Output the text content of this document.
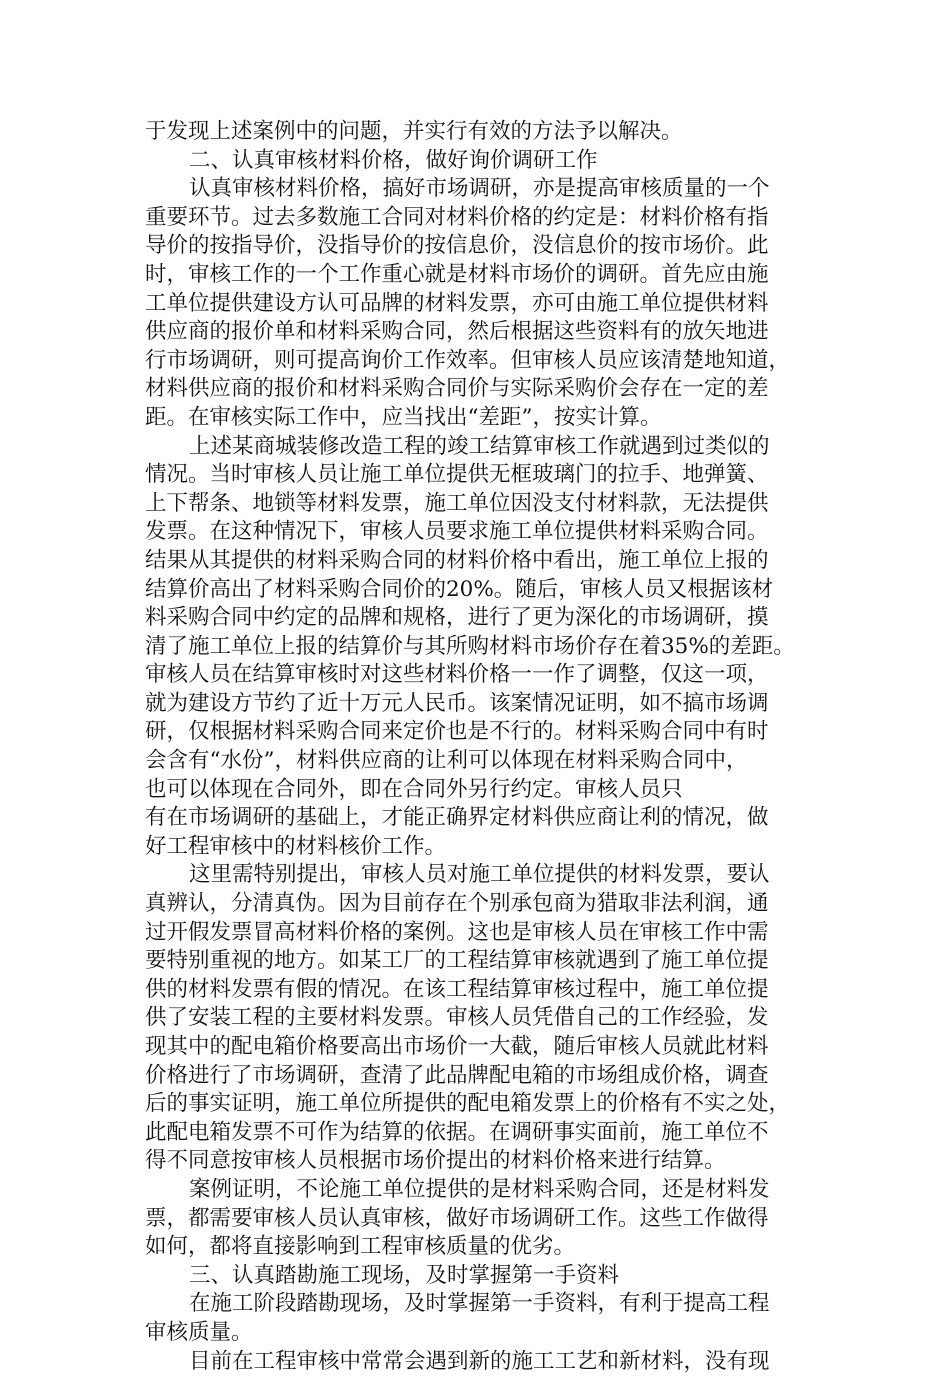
于发现上述案例中的问题，并实行有效的方法予以解决。
二、认真审核材料价格，做好询价调研工作
认真审核材料价格，搞好市场调研，亦是提高审核质量的一个
重要环节。过去多数施工合同对材料价格的约定是：材料价格有指
导价的按指导价，没指导价的按信息价，没信息价的按市场价。此
时，审核工作的一个工作重心就是材料市场价的调研。首先应由施
工单位提供建设方认可品牌的材料发票，亦可由施工单位提供材料
供应商的报价单和材料采购合同，然后根据这些资料有的放矢地进
行市场调研，则可提高询价工作效率。但审核人员应该清楚地知道，
材料供应商的报价和材料采购合同价与实际采购价会存在一定的差
距。在审核实际工作中，应当找出“差距”，按实计算。
上述某商城装修改造工程的竣工结算审核工作就遇到过类似的
情况。当时审核人员让施工单位提供无框玻璃门的拉手、地弹簧、
上下帮条、地锁等材料发票，施工单位因没支付材料款，无法提供
发票。在这种情况下，审核人员要求施工单位提供材料采购合同。
结果从其提供的材料采购合同的材料价格中看出，施工单位上报的
结算价高出了材料采购合同价的20%。随后，审核人员又根据该材
料采购合同中约定的品牌和规格，进行了更为深化的市场调研，摸
清了施工单位上报的结算价与其所购材料市场价存在着35%的差距。
审核人员在结算审核时对这些材料价格一一作了调整，仅这一项，
就为建设方节约了近十万元人民币。该案情况证明，如不搞市场调
研，仅根据材料采购合同来定价也是不行的。材料采购合同中有时
会含有“水份”，材料供应商的让利可以体现在材料采购合同中，
也可以体现在合同外，即在合同外另行约定。审核人员只
有在市场调研的基础上，才能正确界定材料供应商让利的情况，做
好工程审核中的材料核价工作。
这里需特别提出，审核人员对施工单位提供的材料发票，要认
真辨认，分清真伪。因为目前存在个别承包商为猎取非法利润，通
过开假发票冒高材料价格的案例。这也是审核人员在审核工作中需
要特别重视的地方。如某工厂的工程结算审核就遇到了施工单位提
供的材料发票有假的情况。在该工程结算审核过程中，施工单位提
供了安装工程的主要材料发票。审核人员凭借自己的工作经验，发
现其中的配电箱价格要高出市场价一大截，随后审核人员就此材料
价格进行了市场调研，查清了此品牌配电箱的市场组成价格，调查
后的事实证明，施工单位所提供的配电箱发票上的价格有不实之处，
此配电箱发票不可作为结算的依据。在调研事实面前，施工单位不
得不同意按审核人员根据市场价提出的材料价格来进行结算。
案例证明，不论施工单位提供的是材料采购合同，还是材料发
票，都需要审核人员认真审核，做好市场调研工作。这些工作做得
如何，都将直接影响到工程审核质量的优劣。
三、认真踏勘施工现场，及时掌握第一手资料
在施工阶段踏勘现场，及时掌握第一手资料，有利于提高工程
审核质量。
目前在工程审核中常常会遇到新的施工工艺和新材料，没有现
